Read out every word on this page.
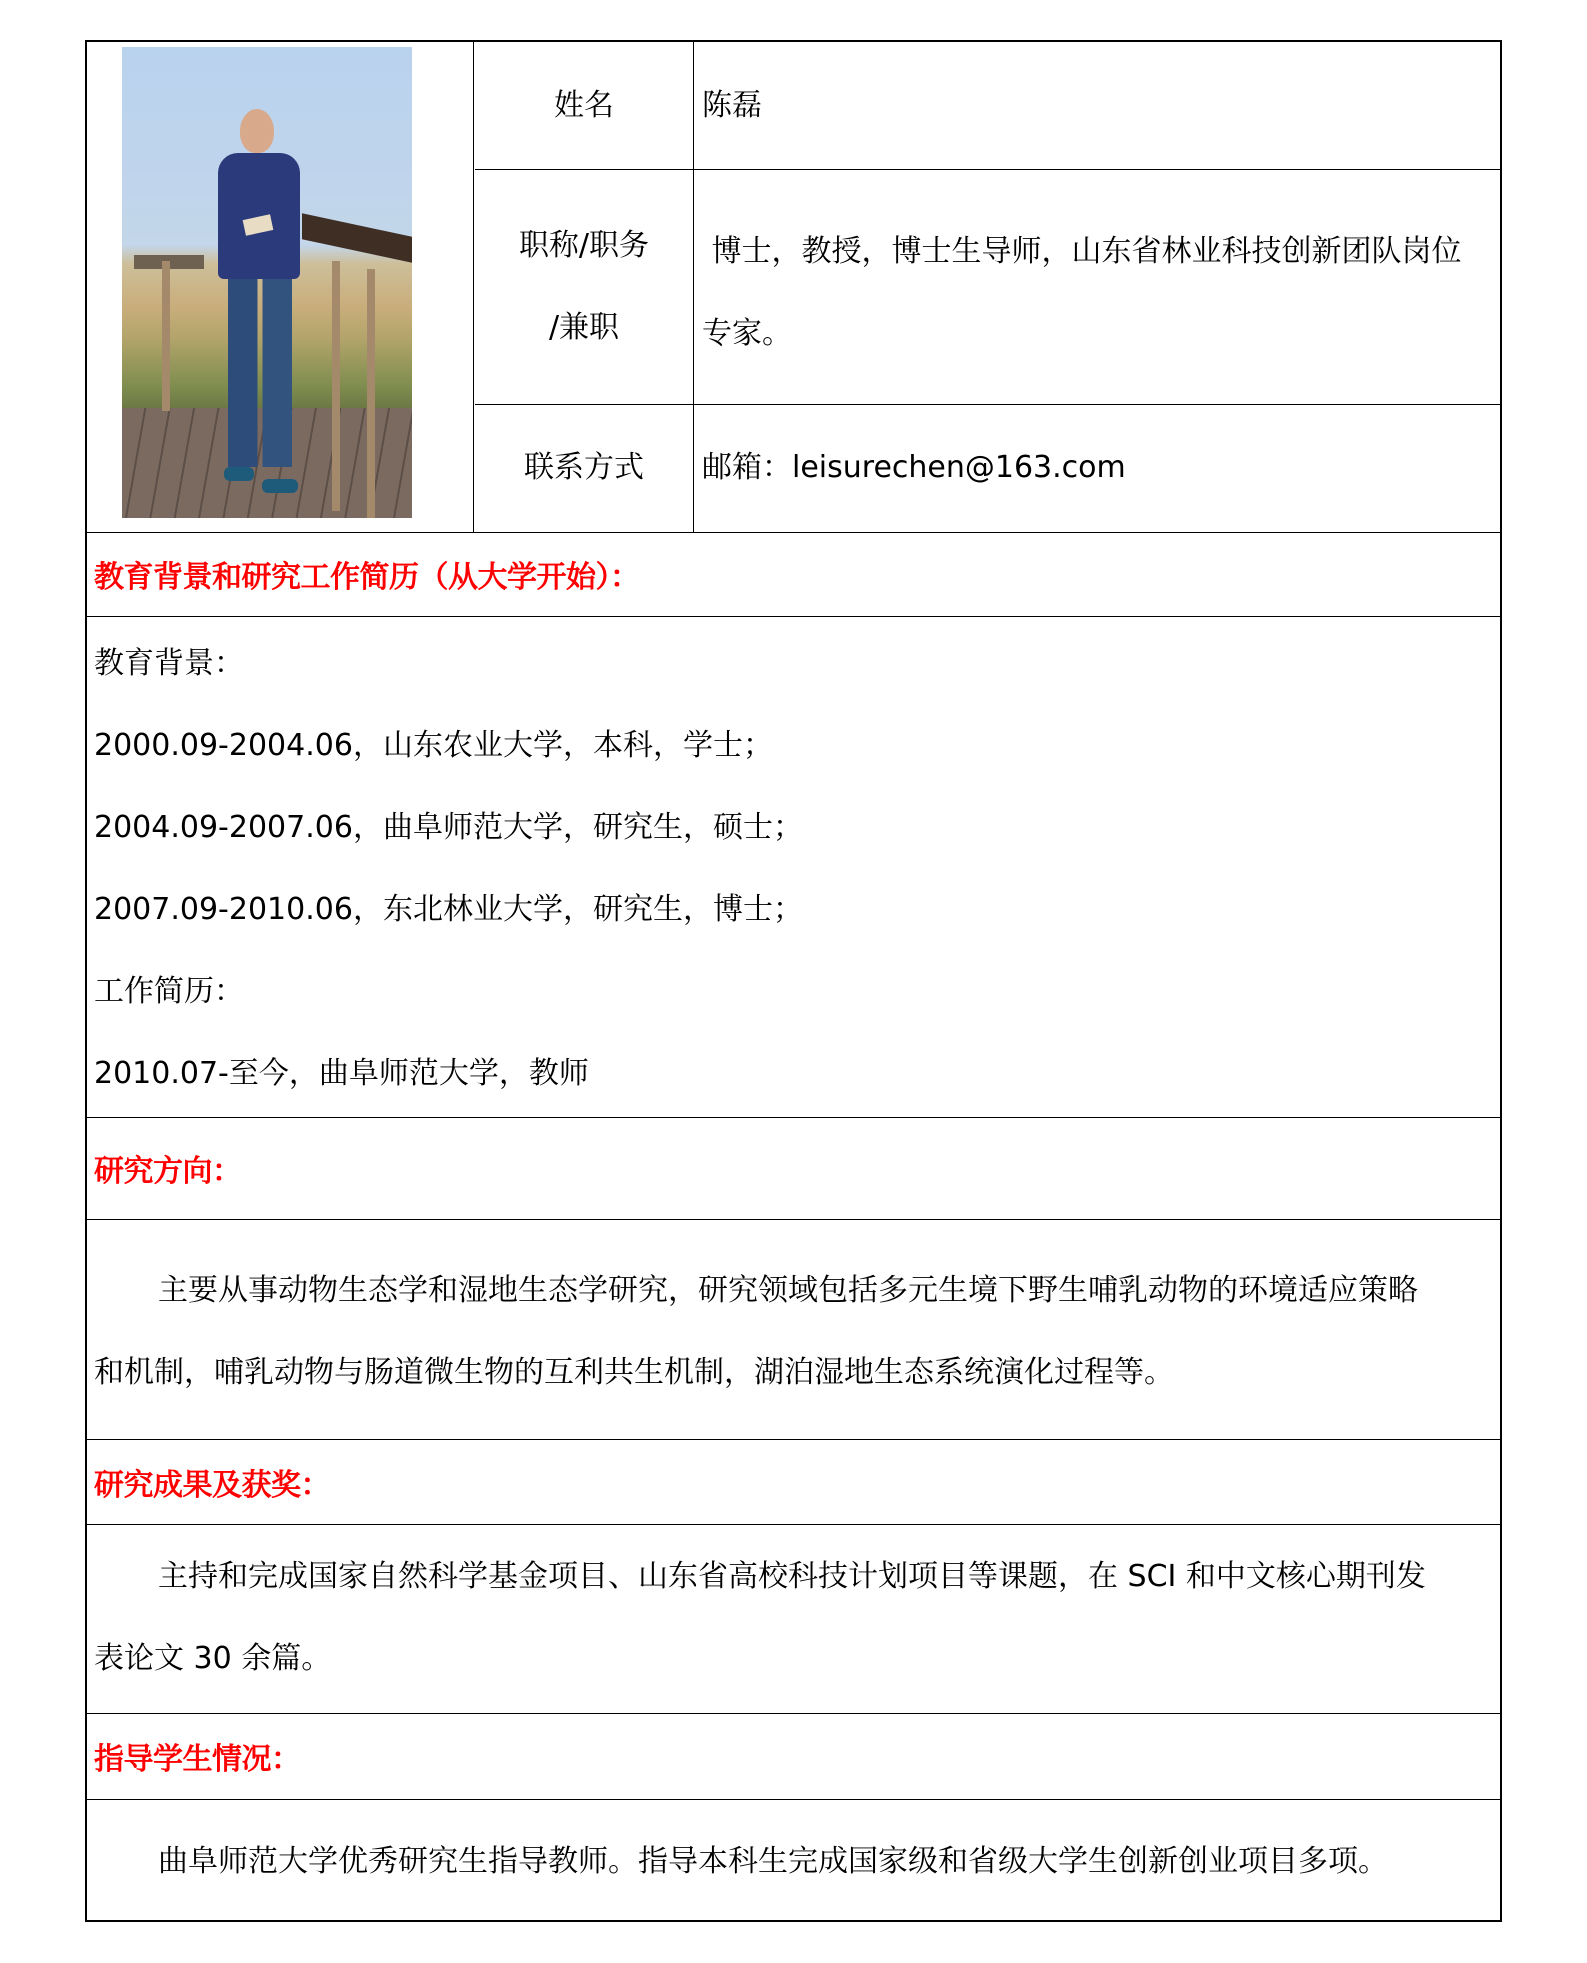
姓名	陈磊
职称/职务
/兼职
博士，教授，博士生导师，山东省林业科技创新团队岗位
专家。
联系方式 邮箱：leisurechen@163.com
教育背景和研究工作简历（从大学开始）：
教育背景：
2000.09-2004.06，山东农业大学，本科，学士；
2004.09-2007.06，曲阜师范大学，研究生，硕士；
2007.09-2010.06，东北林业大学，研究生，博士；
工作简历：
2010.07-至今，曲阜师范大学，教师
研究方向：
主要从事动物生态学和湿地生态学研究，研究领域包括多元生境下野生哺乳动物的环境适应策略
和机制，哺乳动物与肠道微生物的互利共生机制，湖泊湿地生态系统演化过程等。
研究成果及获奖：
主持和完成国家自然科学基金项目、山东省高校科技计划项目等课题，在 SCI 和中文核心期刊发
表论文 30 余篇。
指导学生情况：
曲阜师范大学优秀研究生指导教师。指导本科生完成国家级和省级大学生创新创业项目多项。
